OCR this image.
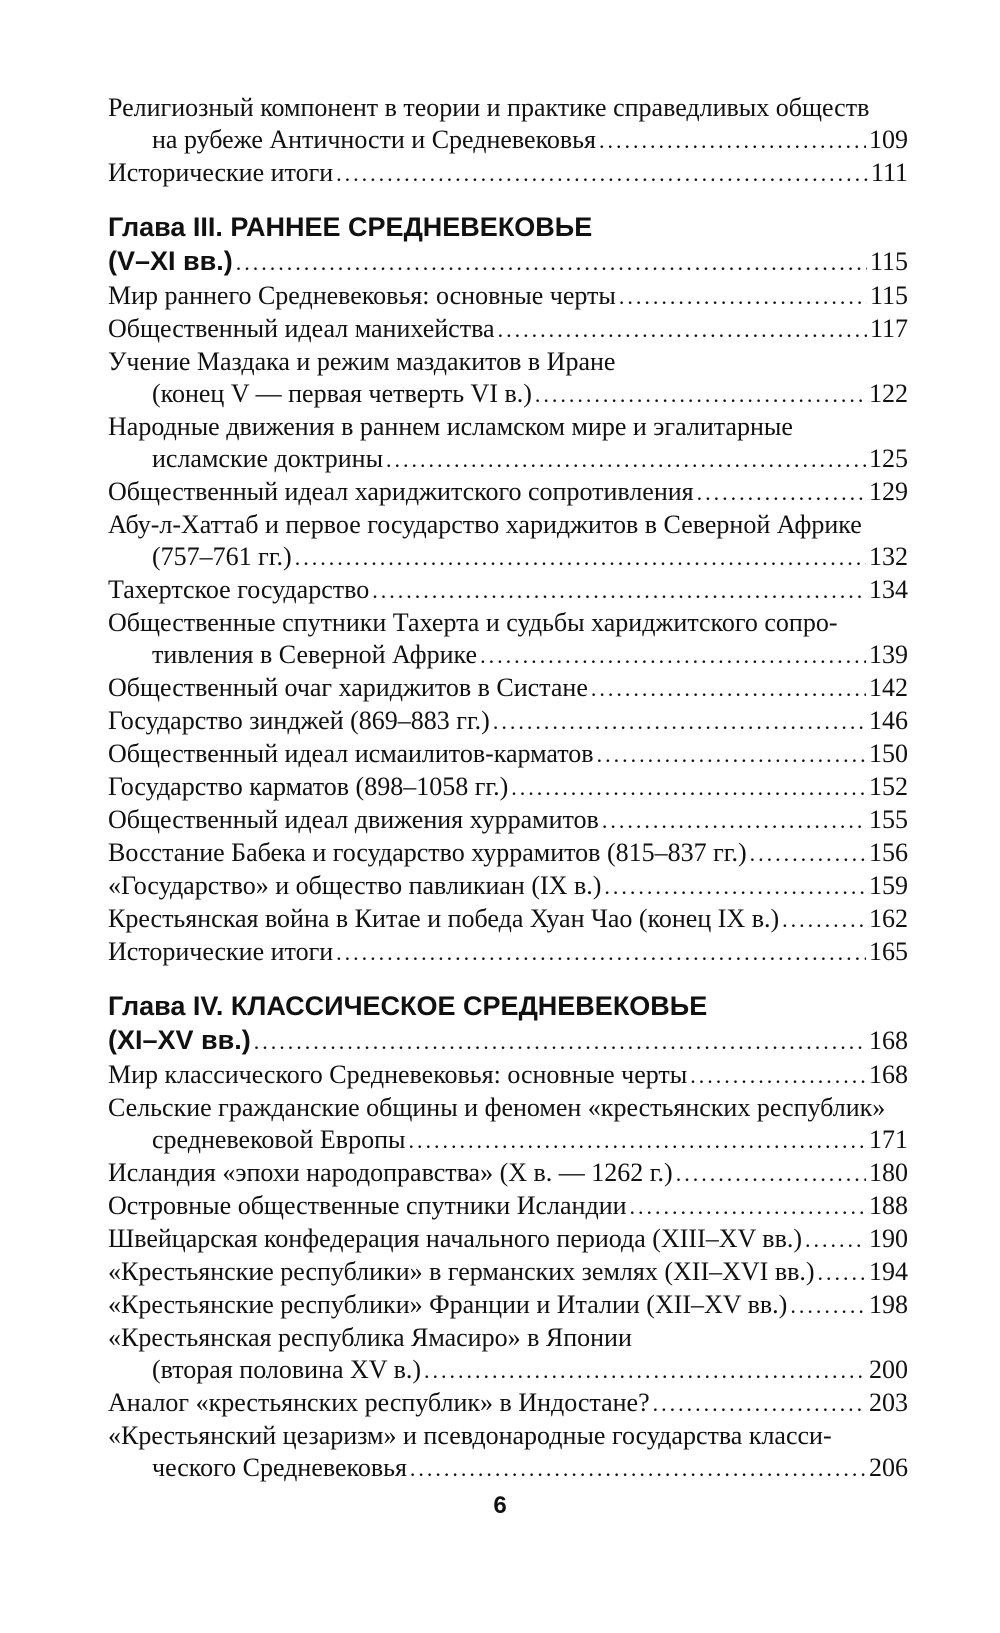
Религиозный компонент в теории и практике справедливых обществ
на рубеже Античности и Средневековья .....	109
Исторические итоги .....	111
Глава III. РАННЕЕ СРЕДНЕВЕКОВЬЕ
(V–XI вв.) .....	115
Мир раннего Средневековья: основные черты .....	115
Общественный идеал манихейства .....	117
Учение Маздака и режим маздакитов в Иране
(конец V — первая четверть VI в.) .....	122
Народные движения в раннем исламском мире и эгалитарные
исламские доктрины .....	125
Общественный идеал хариджитского сопротивления .....	129
Абу-л-Хаттаб и первое государство хариджитов в Северной Африке
(757–761 гг.) .....	132
Тахертское государство .....	134
Общественные спутники Тахерта и судьбы хариджитского сопро-
тивления в Северной Африке .....	139
Общественный очаг хариджитов в Систане .....	142
Государство зинджей (869–883 гг.) .....	146
Общественный идеал исмаилитов-карматов .....	150
Государство карматов (898–1058 гг.) .....	152
Общественный идеал движения хуррамитов .....	155
Восстание Бабека и государство хуррамитов (815–837 гг.) .....	156
«Государство» и общество павликиан (IX в.) .....	159
Крестьянская война в Китае и победа Хуан Чао (конец IX в.) .....	162
Исторические итоги .....	165
Глава IV. КЛАССИЧЕСКОЕ СРЕДНЕВЕКОВЬЕ
(XI–XV вв.) .....	168
Мир классического Средневековья: основные черты .....	168
Сельские гражданские общины и феномен «крестьянских республик»
средневековой Европы .....	171
Исландия «эпохи народоправства» (X в. — 1262 г.) .....	180
Островные общественные спутники Исландии .....	188
Швейцарская конфедерация начального периода (XIII–XV вв.) .....	190
«Крестьянские республики» в германских землях (XII–XVI вв.) ..... 194
«Крестьянские республики» Франции и Италии (XII–XV вв.) .....	198
«Крестьянская республика Ямасиро» в Японии
(вторая половина XV в.) .....	200
Аналог «крестьянских республик» в Индостане? .....	203
«Крестьянский цезаризм» и псевдонародные государства класси-
ческого Средневековья .....	206
6
